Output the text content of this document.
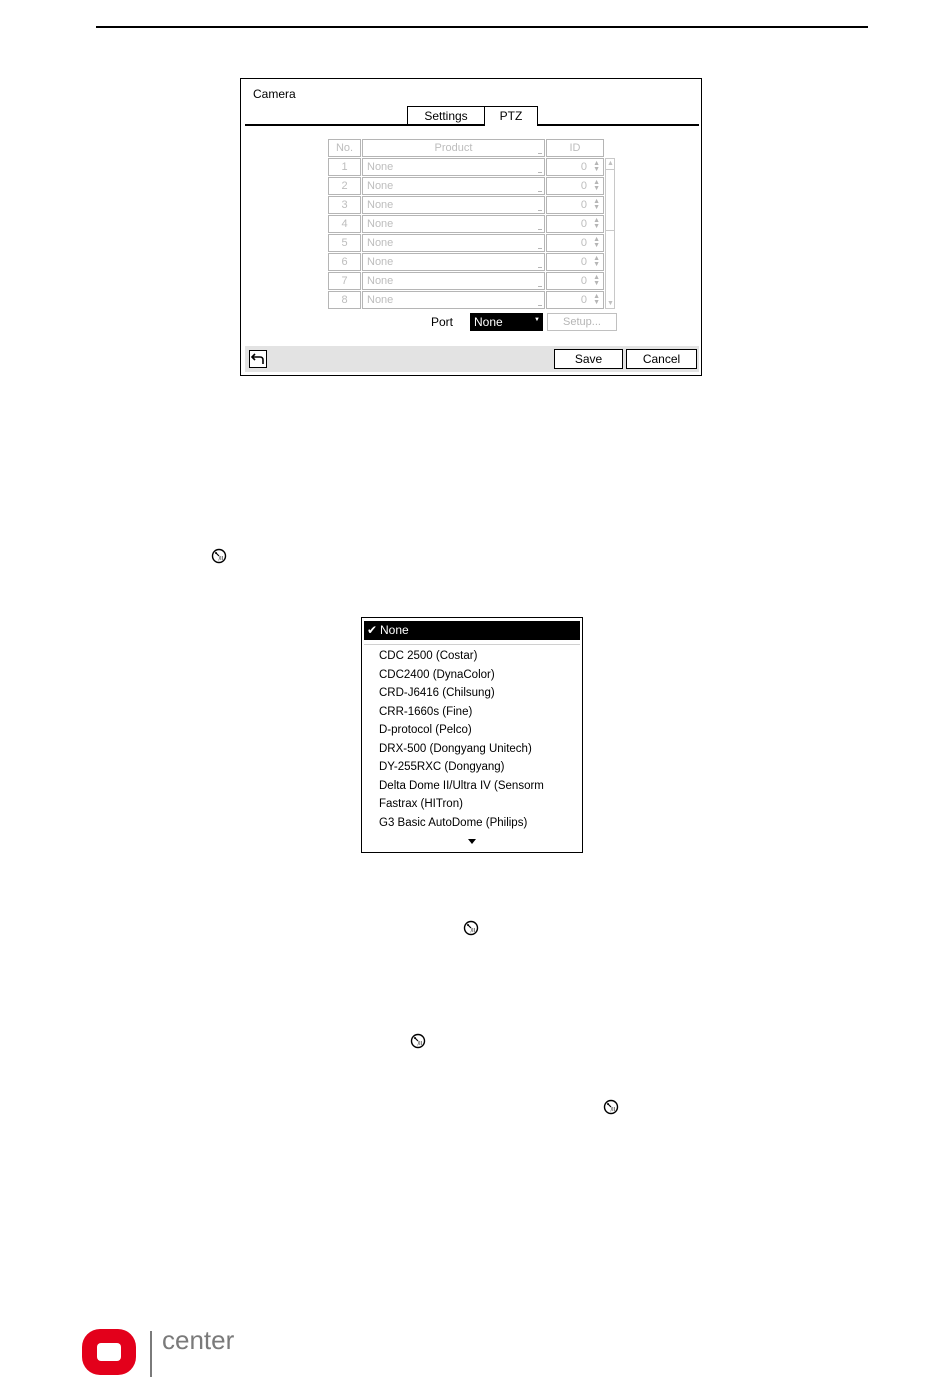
Camera
Settings	PTZ
No.	Product	ID
1	None	0 ▲
▼
2	None	0 ▲
▼
3	None	0 ▲
▼
4	None	0 ▲
▼
5	None	0 ▲
▼
6	None	0 ▲
▼
7	None	0 ▲
▼
8	None	0 ▲
▼
▲
▼
Port	None	▼	Setup...
Save	Cancel
/II
/II
/II
/II
✔ None
CDC 2500 (Costar)
CDC2400 (DynaColor)
CRD-J6416 (Chilsung)
CRR-1660s (Fine)
D-protocol (Pelco)
DRX-500 (Dongyang Unitech)
DY-255RXC (Dongyang)
Delta Dome II/Ultra IV (Sensorm
Fastrax (HITron)
G3 Basic AutoDome (Philips)
center
